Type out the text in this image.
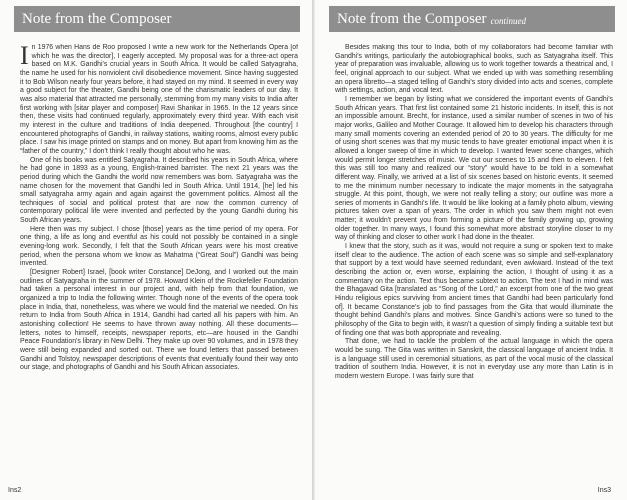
Note from the Composer

In 1976 when Hans de Roo proposed I write a new work for the Netherlands Opera [of which he was the director], I eagerly accepted. My proposal was for a three-act opera based on M.K. Gandhi's crucial years in South Africa. It would be called Satyagraha, the name he used for his nonviolent civil disobedience movement. Since having suggested it to Bob Wilson nearly four years before, it had stayed on my mind. It seemed in every way a good subject for the theater, Gandhi being one of the charismatic leaders of our day. It was also material that attracted me personally, stemming from my many visits to India after first working with [sitar player and composer] Ravi Shankar in 1965. In the 12 years since then, these visits had continued regularly, approximately every third year. With each visit my interest in the culture and traditions of India deepened. Throughout [the country] I encountered photographs of Gandhi, in railway stations, waiting rooms, almost every public place. I saw his image printed on stamps and on money. But apart from knowing him as the “father of the country,” I don't think I really thought about who he was.

One of his books was entitled Satyagraha. It described his years in South Africa, where he had gone in 1893 as a young, English-trained barrister. The next 21 years was the period during which the Gandhi the world now remembers was born. Satyagraha was the name chosen for the movement that Gandhi led in South Africa. Until 1914, [he] led his small satyagraha army again and again against the government politics. Almost all the techniques of social and political protest that are now the common currency of contemporary political life were invented and perfected by the young Gandhi during his South African years.

Here then was my subject. I chose [those] years as the time period of my opera. For one thing, a life as long and eventful as his could not possibly be contained in a single evening-long work. Secondly, I felt that the South African years were his most creative period, when the persona whom we know as Mahatma (“Great Soul”) Gandhi was being invented.

[Designer Robert] Israel, [book writer Constance] DeJong, and I worked out the main outlines of Satyagraha in the summer of 1978. Howard Klein of the Rockefeller Foundation had taken a personal interest in our project and, with help from that foundation, we organized a trip to India the following winter. Though none of the events of the opera took place in India, that, nonetheless, was where we would find the material we needed. On his return to India from South Africa in 1914, Gandhi had carted all his papers with him. An astonishing collection! He seems to have thrown away nothing. All these documents—letters, notes to himself, receipts, newspaper reports, etc—are housed in the Gandhi Peace Foundation's library in New Delhi. They make up over 90 volumes, and in 1978 they were still being expanded and sorted out. There we found letters that passed between Gandhi and Tolstoy, newspaper descriptions of events that eventually found their way onto our stage, and photographs of Gandhi and his South African associates.

Ins2
Note from the Composer continued

Besides making this tour to India, both of my collaborators had become familiar with Gandhi's writings, particularly the autobiographical books, such as Satyagraha itself. This year of preparation was invaluable, allowing us to work together towards a theatrical and, I feel, original approach to our subject. What we ended up with was something resembling an opera libretto—a staged telling of Gandhi's story divided into acts and scenes, complete with settings, action, and vocal text.

I remember we began by listing what we considered the important events of Gandhi's South African years. That first list contained some 21 historic incidents. In itself, this is not an impossible amount. Brecht, for instance, used a similar number of scenes in two of his major works, Galileo and Mother Courage. It allowed him to develop his characters through many small moments covering an extended period of 20 to 30 years. The difficulty for me of using short scenes was that my music tends to have greater emotional impact when it is allowed a longer sweep of time in which to develop. I wanted fewer scene changes, which would permit longer stretches of music. We cut our scenes to 15 and then to eleven. I felt this was still too many and realized our “story” would have to be told in a somewhat different way. Finally, we arrived at a list of six scenes based on historic events. It seemed to me the minimum number necessary to indicate the major moments in the satyagraha struggle. At this point, though, we were not really telling a story; our outline was more a series of moments in Gandhi's life. It would be like looking at a family photo album, viewing pictures taken over a span of years. The order in which you saw them might not even matter; it wouldn't prevent you from forming a picture of the family growing up, growing older together. In many ways, I found this somewhat more abstract storyline closer to my way of thinking and closer to other work I had done in the theater.

I knew that the story, such as it was, would not require a sung or spoken text to make itself clear to the audience. The action of each scene was so simple and self-explanatory that support by a text would have seemed redundant, even awkward. Instead of the text describing the action or, even worse, explaining the action, I thought of using it as a commentary on the action. Text thus became subtext to action. The text I had in mind was the Bhagavad Gita [translated as “Song of the Lord,” an excerpt from one of the two great Hindu religious epics surviving from ancient times that Gandhi had been particularly fond of]. It became Constance's job to find passages from the Gita that would illuminate the thought behind Gandhi's plans and motives. Since Gandhi's actions were so tuned to the philosophy of the Gita to begin with, it wasn't a question of simply finding a suitable text but of finding one that was both appropriate and revealing.

That done, we had to tackle the problem of the actual language in which the opera would be sung. The Gita was written in Sanskrit, the classical language of ancient India. It is a language still used in ceremonial situations, as part of the vocal music of the classical tradition of southern India. However, it is not in everyday use any more than Latin is in modern western Europe. I was fairly sure that

Ins3
